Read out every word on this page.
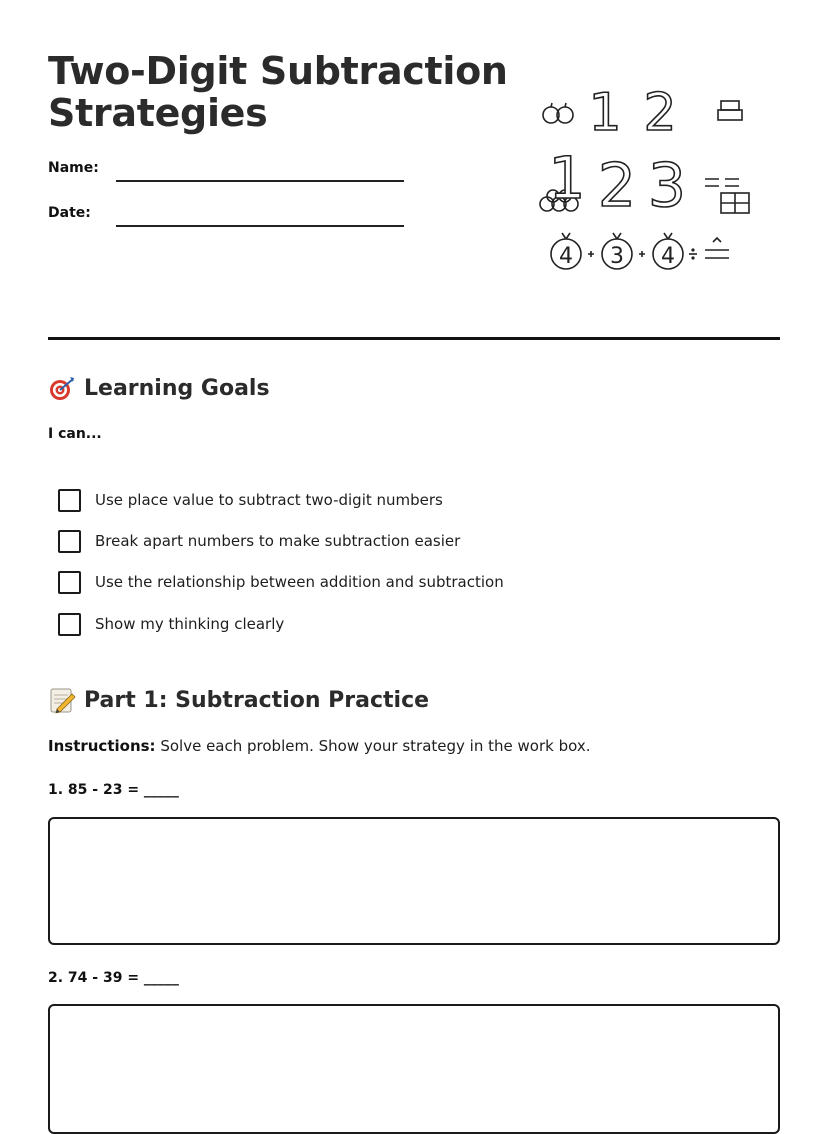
Two-Digit Subtraction Strategies
Name:
Date:
1 2
1 2 3
4 3 4
Learning Goals
I can...
Use place value to subtract two-digit numbers
Break apart numbers to make subtraction easier
Use the relationship between addition and subtraction
Show my thinking clearly
Part 1: Subtraction Practice
Instructions: Solve each problem. Show your strategy in the work box.
1. 85 - 23 = _____
2. 74 - 39 = _____
